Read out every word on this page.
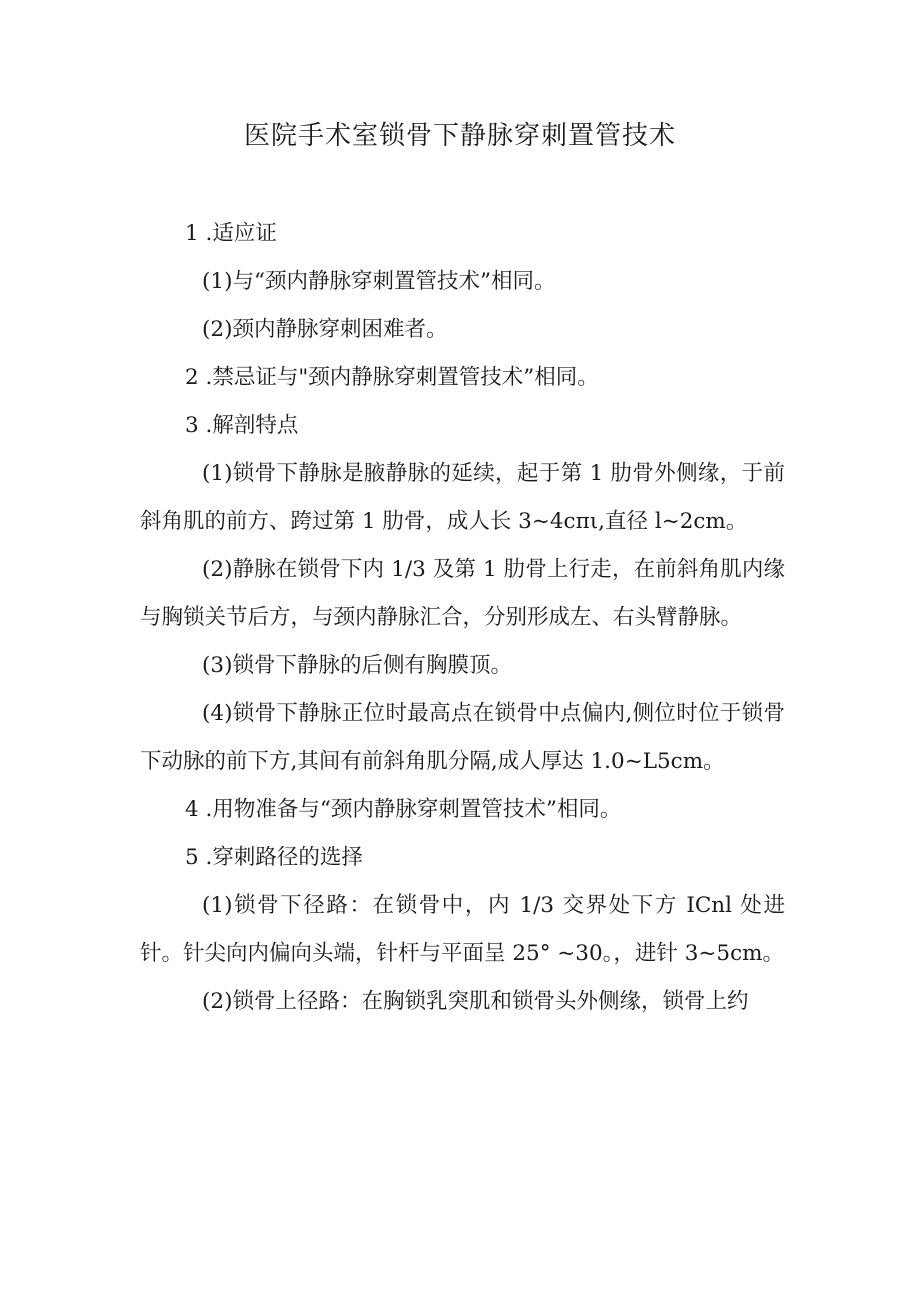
医院手术室锁骨下静脉穿刺置管技术

1 .适应证

(1)与“颈内静脉穿刺置管技术”相同。

(2)颈内静脉穿刺困难者。

2 .禁忌证与"颈内静脉穿刺置管技术”相同。

3 .解剖特点

(1)锁骨下静脉是腋静脉的延续，起于第 1 肋骨外侧缘，于前斜角肌的前方、跨过第 1 肋骨，成人长 3~4cπι,直径 l~2cm。

(2)静脉在锁骨下内 1/3 及第 1 肋骨上行走，在前斜角肌内缘与胸锁关节后方，与颈内静脉汇合，分别形成左、右头臂静脉。

(3)锁骨下静脉的后侧有胸膜顶。

(4)锁骨下静脉正位时最高点在锁骨中点偏内,侧位时位于锁骨下动脉的前下方,其间有前斜角肌分隔,成人厚达 1.0~L5cm。

4 .用物准备与“颈内静脉穿刺置管技术”相同。

5 .穿刺路径的选择

(1)锁骨下径路：在锁骨中，内 1/3 交界处下方 ICnl 处进针。针尖向内偏向头端，针杆与平面呈 25° ~30。，进针 3~5cm。

(2)锁骨上径路：在胸锁乳突肌和锁骨头外侧缘，锁骨上约
